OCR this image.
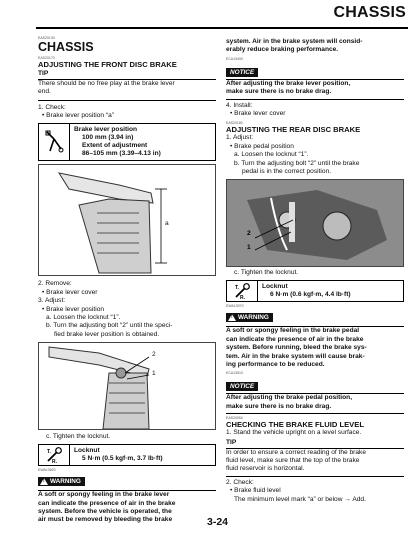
CHASSIS
EAS20130
CHASSIS
EAS20170
ADJUSTING THE FRONT DISC BRAKE
TIP
There should be no free play at the brake lever
end.
1. Check:
• Brake lever position “a”
Brake lever position
100 mm (3.94 in)
Extent of adjustment
86–105 mm (3.39–4.13 in)
a
2. Remove:
• Brake lever cover
3. Adjust:
• Brake lever position
a. Loosen the locknut “1”.
b. Turn the adjusting bolt “2” until the speci-
fied brake lever position is obtained.
2
1
c. Tighten the locknut.
T.
R.
Locknut
5 N·m (0.5 kgf·m, 3.7 lb·ft)
EWA13620
!
WARNING
A soft or spongy feeling in the brake lever
can indicate the presence of air in the brake
system. Before the vehicle is operated, the
air must be removed by bleeding the brake
system. Air in the brake system will consid-
erably reduce braking performance.
ECA13490
NOTICE
After adjusting the brake lever position,
make sure there is no brake drag.
4. Install:
• Brake lever cover
EAS20180
ADJUSTING THE REAR DISC BRAKE
1. Adjust:
• Brake pedal position
a. Loosen the locknut “1”.
b. Turn the adjusting bolt “2” until the brake
pedal is in the correct position.
2
1
c. Tighten the locknut.
T.
R.
Locknut
6 N·m (0.6 kgf·m, 4.4 lb·ft)
EWA13070
!
WARNING
A soft or spongy feeling in the brake pedal
can indicate the presence of air in the brake
system. Before running, bleed the brake sys-
tem. Air in the brake system will cause brak-
ing performance to be reduced.
ECA13510
NOTICE
After adjusting the brake pedal position,
make sure there is no brake drag.
EAS20054
CHECKING THE BRAKE FLUID LEVEL
1. Stand the vehicle upright on a level surface.
TIP
In order to ensure a correct reading of the brake
fluid level, make sure that the top of the brake
fluid reservoir is horizontal.
2. Check:
• Brake fluid level
The minimum level mark “a” or below → Add.
3-24
